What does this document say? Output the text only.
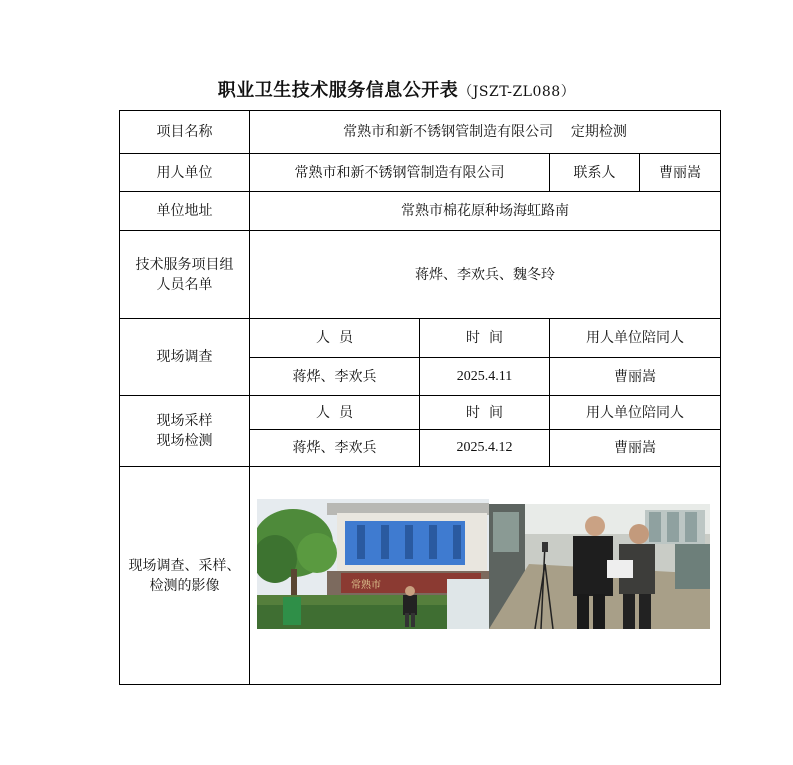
职业卫生技术服务信息公开表（JSZT-ZL088）
项目名称	常熟市和新不锈钢管制造有限公司    定期检测			
用人单位	常熟市和新不锈钢管制造有限公司		联系人	曹丽嵩
单位地址	常熟市棉花原种场海虹路南			

技术服务项目组
人员名单	蒋烨、李欢兵、魏冬玲			
现场调查	人  员	时  间	用人单位陪同人	
	蒋烨、李欢兵	2025.4.11	曹丽嵩	

现场采样
现场检测	人  员	时  间	用人单位陪同人	
	蒋烨、李欢兵	2025.4.12	曹丽嵩	

现场调查、采样、
检测的影像	常熟市			
